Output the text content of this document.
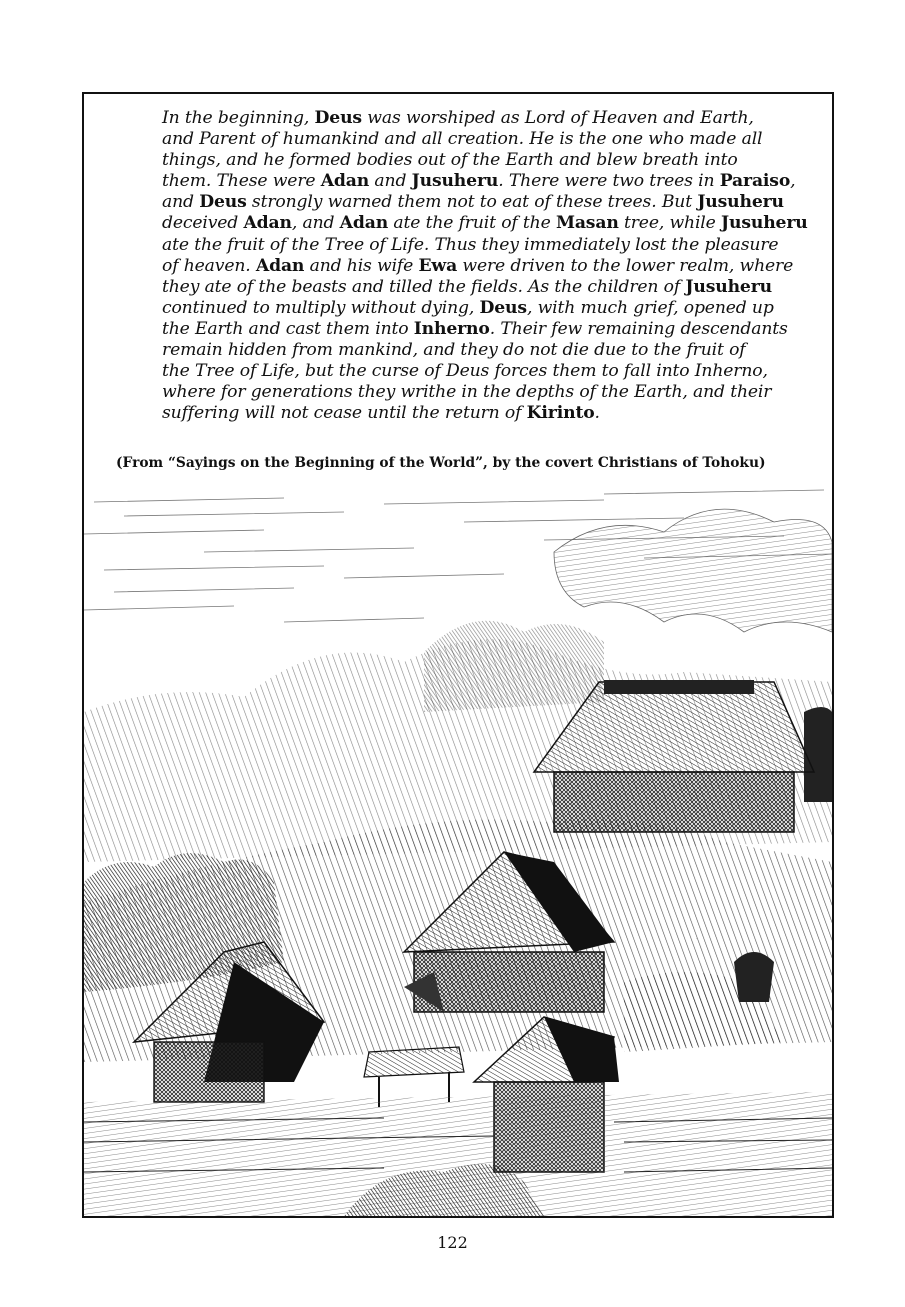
In the beginning, Deus was worshiped as Lord of Heaven and Earth,
and Parent of humankind and all creation. He is the one who made all
things, and he formed bodies out of the Earth and blew breath into
them. These were Adan and Jusuheru. There were two trees in Paraiso,
and Deus strongly warned them not to eat of these trees. But Jusuheru
deceived Adan, and Adan ate the fruit of the Masan tree, while Jusuheru
ate the fruit of the Tree of Life. Thus they immediately lost the pleasure
of heaven. Adan and his wife Ewa were driven to the lower realm, where
they ate of the beasts and tilled the fields. As the children of Jusuheru
continued to multiply without dying, Deus, with much grief, opened up
the Earth and cast them into Inherno. Their few remaining descendants
remain hidden from mankind, and they do not die due to the fruit of
the Tree of Life, but the curse of Deus forces them to fall into Inherno,
where for generations they writhe in the depths of the Earth, and their
suffering will not cease until the return of Kirinto.
(From “Sayings on the Beginning of the World”, by the covert Christians of Tohoku)
122
